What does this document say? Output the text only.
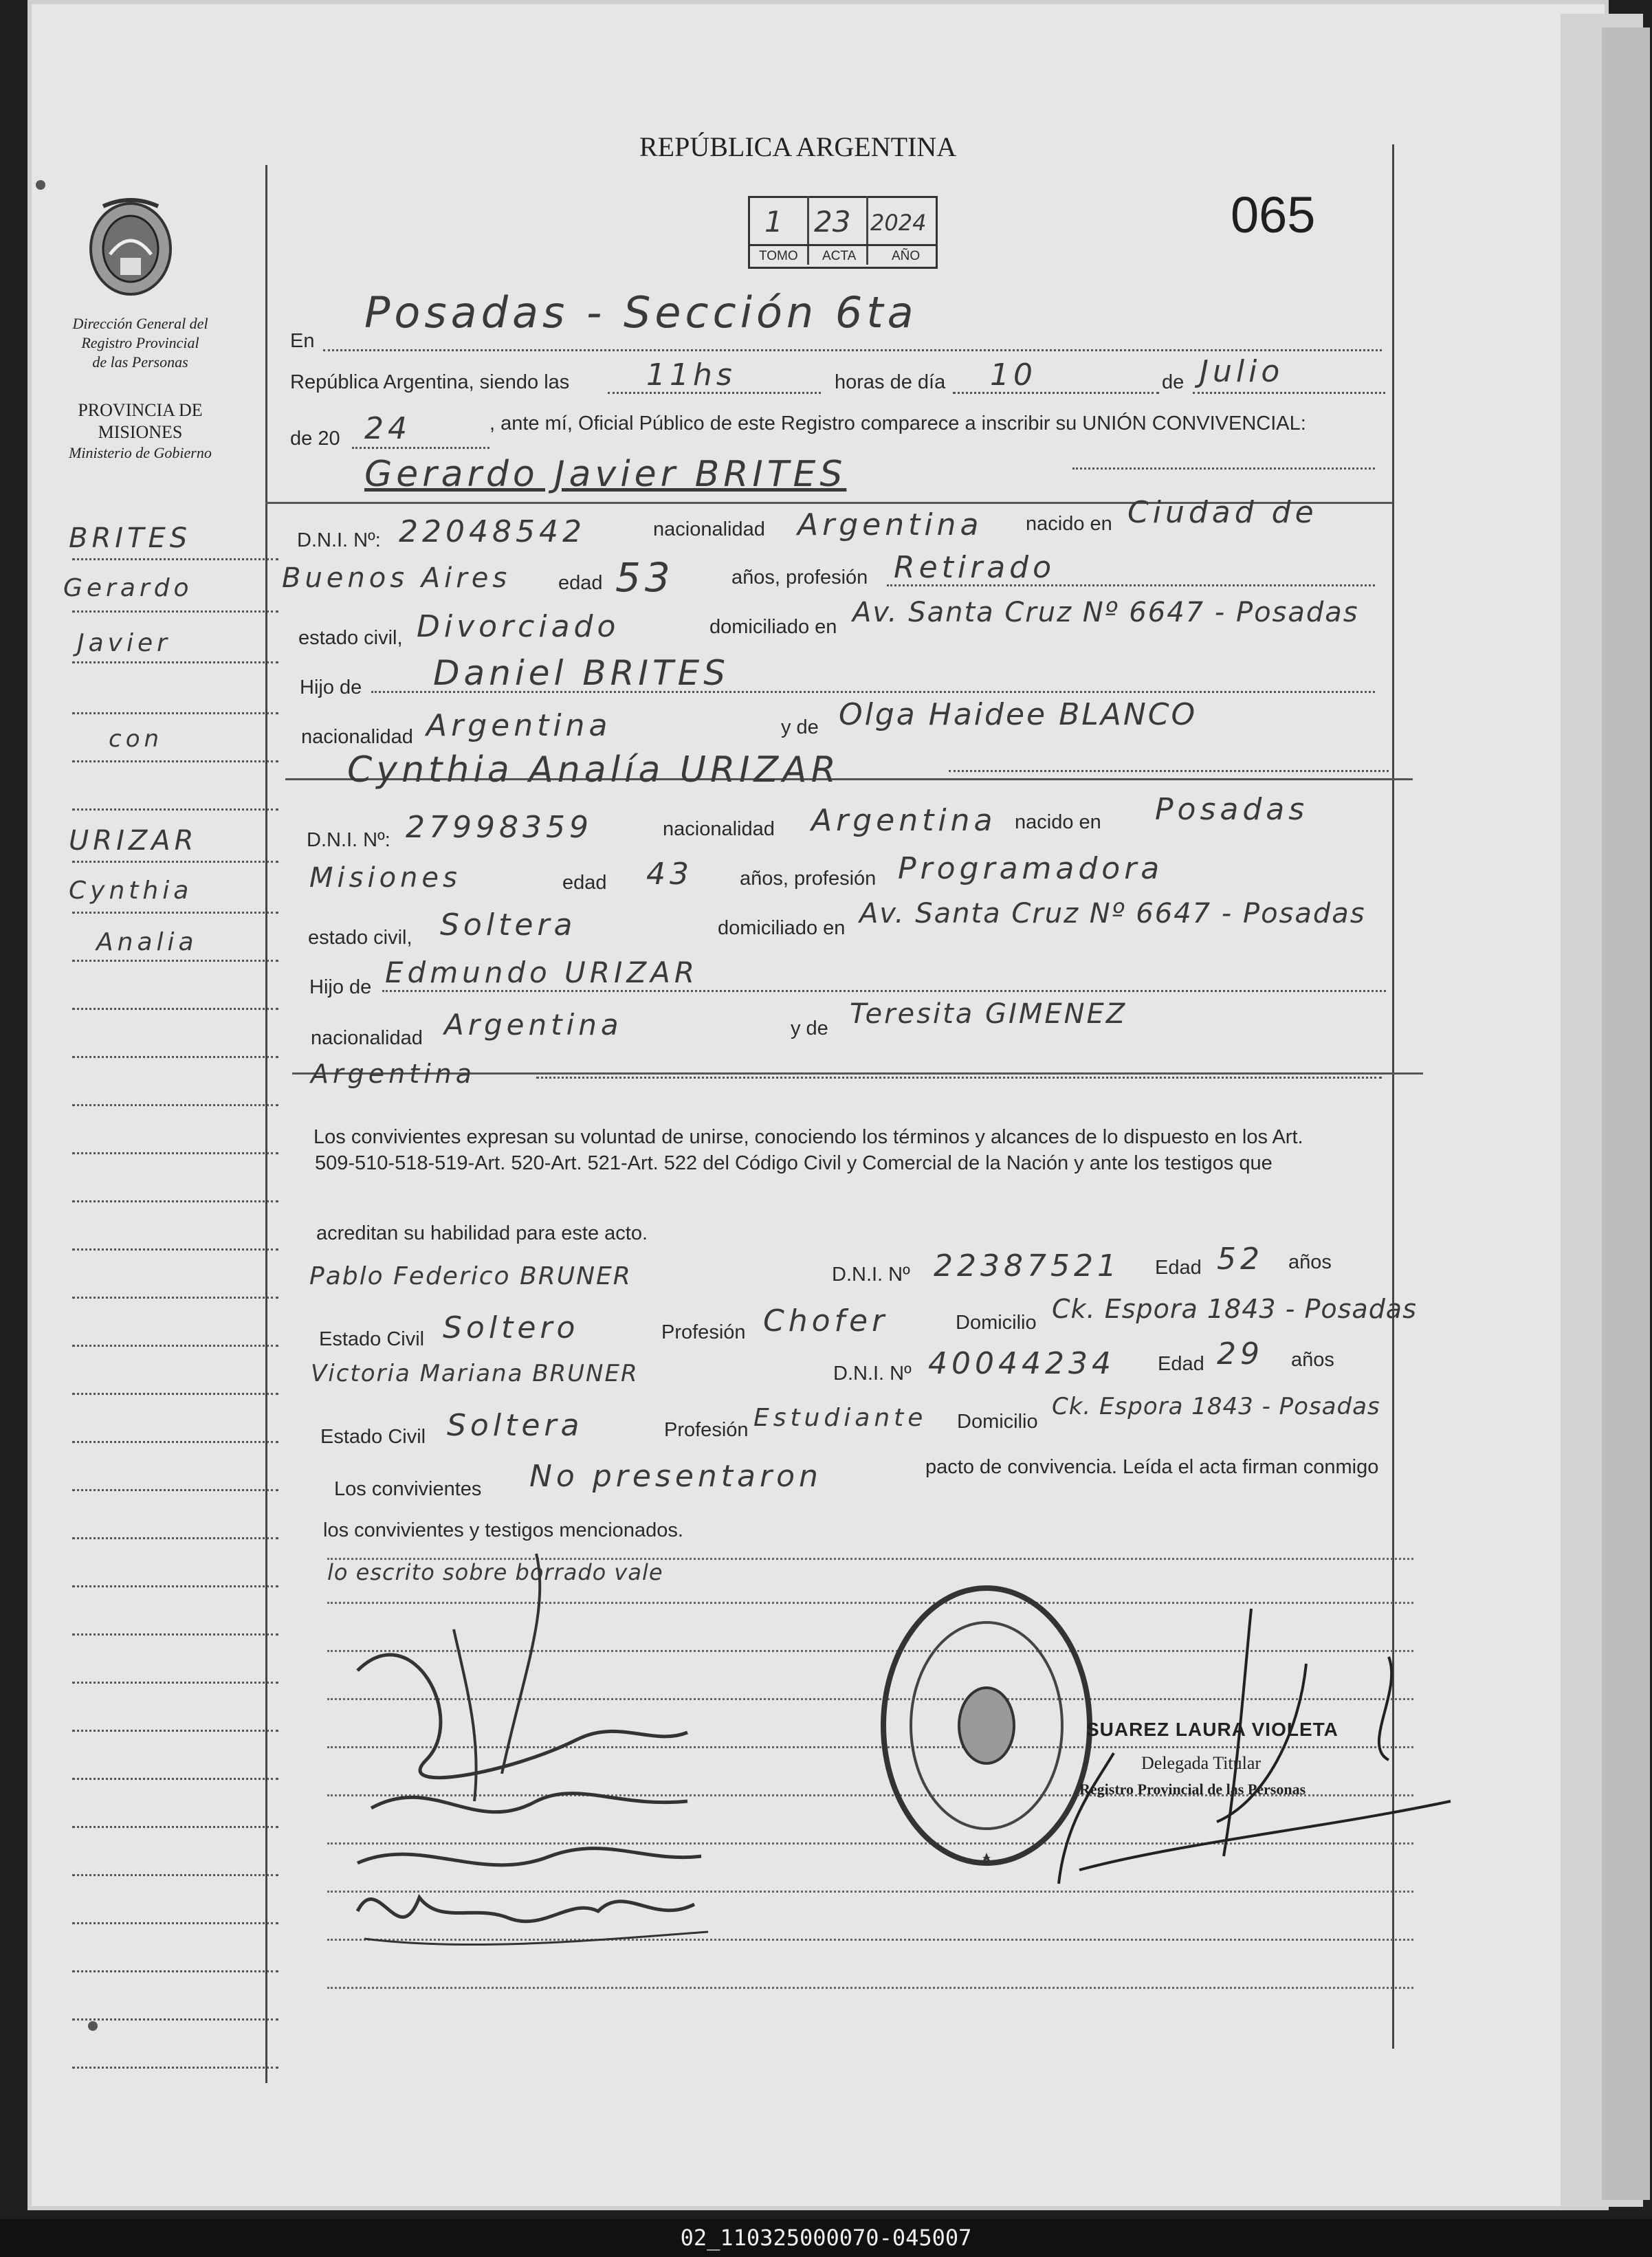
REPÚBLICA ARGENTINA
065
1 23 2024
TOMO ACTA	AÑO
Dirección General del
Registro Provincial
de las Personas
PROVINCIA DE
MISIONES
Ministerio de Gobierno
BRITES
Gerardo
Javier
con
URIZAR
Cynthia
Analia
En
Posadas - Sección 6ta
República Argentina, siendo las	11hs	horas de día 10	de Julio
de 20 24	, ante mí, Oficial Público de este Registro comparece a inscribir su UNIÓN CONVIVENCIAL:
Gerardo Javier BRITES
D.N.I. Nº: 22048542	nacionalidad Argentina nacido en Ciudad de
Buenos Aires edad 53	años, profesión Retirado
estado civil, Divorciado	domiciliado en Av. Santa Cruz Nº 6647 - Posadas
Hijo de Daniel BRITES
nacionalidad Argentina	y de Olga Haidee BLANCO
Cynthia Analía URIZAR
D.N.I. Nº: 27998359	nacionalidad Argentina nacido en Posadas
Misiones	edad 43 años, profesión Programadora
estado civil, Soltera	domiciliado en Av. Santa Cruz Nº 6647 - Posadas
Hijo de Edmundo URIZAR
nacionalidad Argentina	y de Teresita GIMENEZ
Argentina
Los convivientes expresan su voluntad de unirse, conociendo los términos y alcances de lo dispuesto en los Art.
509-510-518-519-Art. 520-Art. 521-Art. 522 del Código Civil y Comercial de la Nación y ante los testigos que
acreditan su habilidad para este acto.
Pablo Federico BRUNER	D.N.I. Nº 22387521 Edad 52 años
Estado Civil Soltero	Profesión Chofer	Domicilio Ck. Espora 1843 - Posadas
Victoria Mariana BRUNER	D.N.I. Nº 40044234 Edad 29 años
Estado Civil Soltera	Profesión Estudiante Domicilio
Ck. Espora 1843 - Posadas
Los convivientes No presentaron	pacto de convivencia. Leída el acta firman conmigo
los convivientes y testigos mencionados.
lo escrito sobre borrado vale
SUAREZ LAURA VIOLETA
Delegada Titular
Registro Provincial de las Personas
02_110325000070-045007
